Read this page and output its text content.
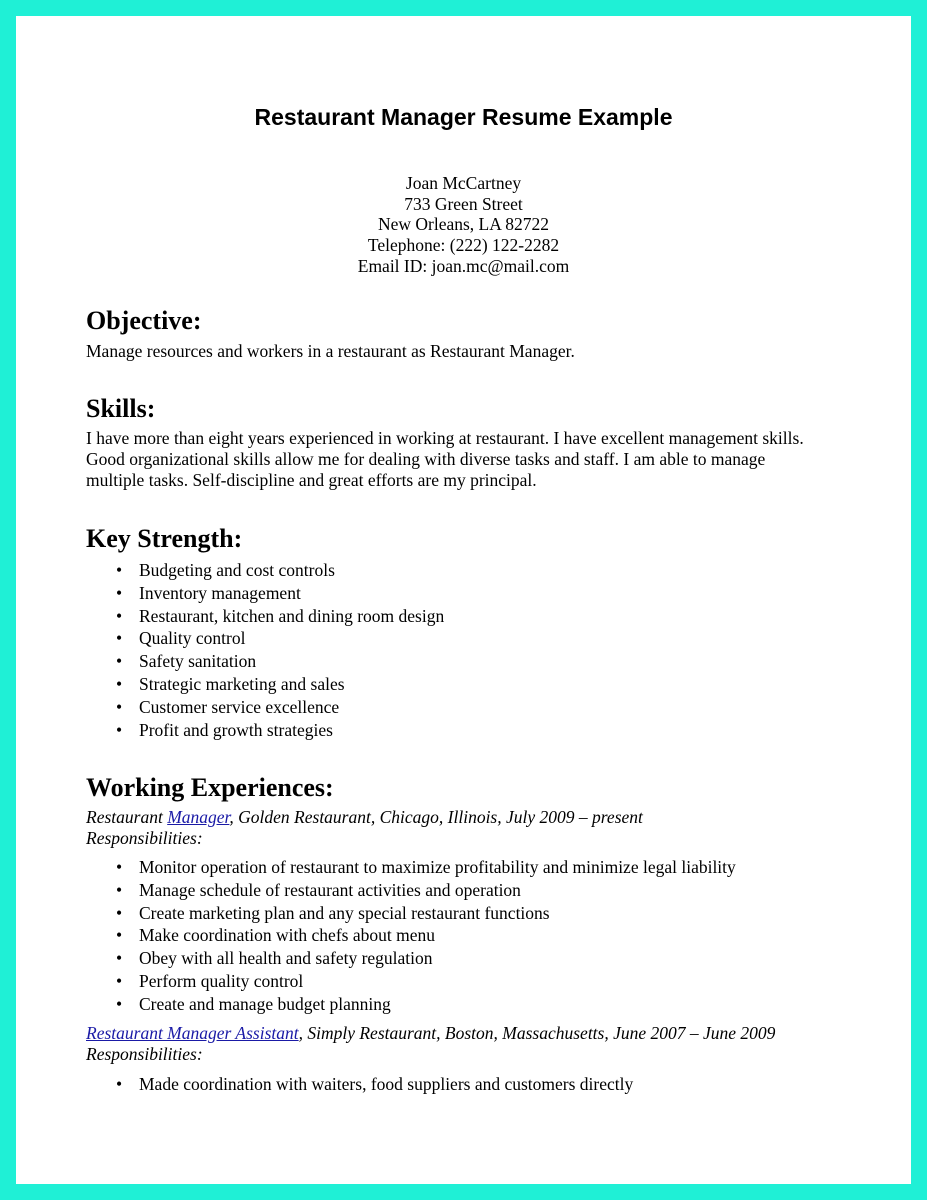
Restaurant Manager Resume Example
Joan McCartney
733 Green Street
New Orleans, LA 82722
Telephone: (222) 122-2282
Email ID: joan.mc@mail.com
Objective:

Manage resources and workers in a restaurant as Restaurant Manager.

Skills:
I have more than eight years experienced in working at restaurant. I have excellent management skills.
Good organizational skills allow me for dealing with diverse tasks and staff. I am able to manage
multiple tasks. Self-discipline and great efforts are my principal.
Key Strength:
• Budgeting and cost controls
• Inventory management
• Restaurant, kitchen and dining room design
• Quality control
• Safety sanitation
• Strategic marketing and sales
• Customer service excellence
• Profit and growth strategies
Working Experiences:
Restaurant Manager, Golden Restaurant, Chicago, Illinois, July 2009 – present
Responsibilities:
• Monitor operation of restaurant to maximize profitability and minimize legal liability
• Manage schedule of restaurant activities and operation
• Create marketing plan and any special restaurant functions
• Make coordination with chefs about menu
• Obey with all health and safety regulation
• Perform quality control
• Create and manage budget planning
Restaurant Manager Assistant, Simply Restaurant, Boston, Massachusetts, June 2007 – June 2009
Responsibilities:
• Made coordination with waiters, food suppliers and customers directly
